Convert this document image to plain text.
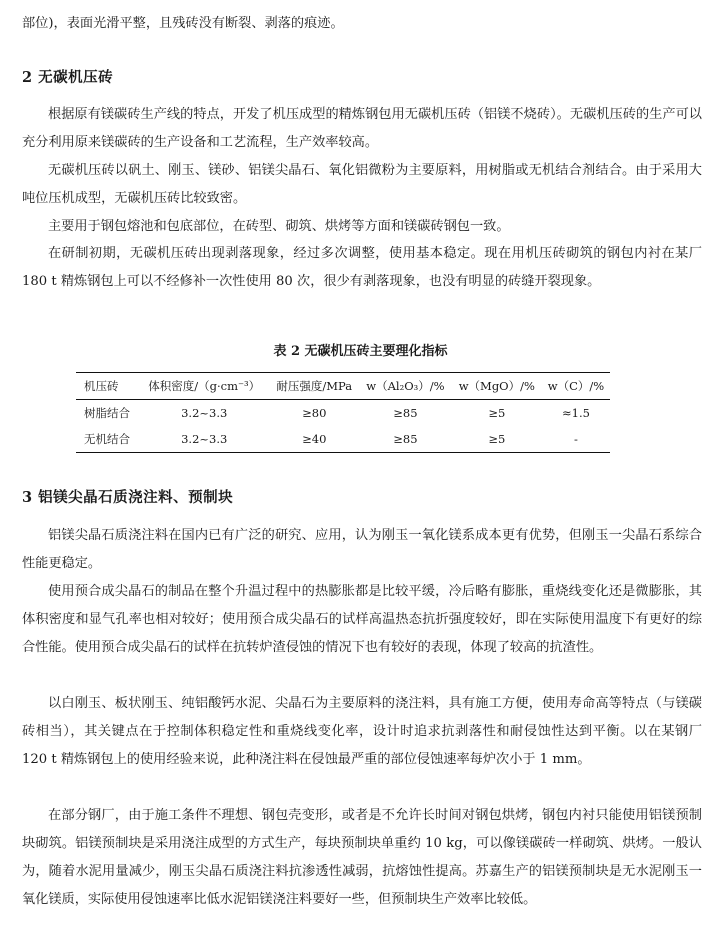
部位)，表面光滑平整，且残砖没有断裂、剥落的痕迹。

2 无碳机压砖

根据原有镁碳砖生产线的特点，开发了机压成型的精炼钢包用无碳机压砖（铝镁不烧砖）。无碳机压砖的生产可以充分利用原来镁碳砖的生产设备和工艺流程，生产效率较高。

无碳机压砖以矾土、刚玉、镁砂、铝镁尖晶石、氧化铝微粉为主要原料，用树脂或无机结合剂结合。由于采用大吨位压机成型，无碳机压砖比较致密。

主要用于钢包熔池和包底部位，在砖型、砌筑、烘烤等方面和镁碳砖钢包一致。

在研制初期，无碳机压砖出现剥落现象，经过多次调整，使用基本稳定。现在用机压砖砌筑的钢包内衬在某厂 180 t 精炼钢包上可以不经修补一次性使用 80 次，很少有剥落现象，也没有明显的砖缝开裂现象。

表 2 无碳机压砖主要理化指标

机压砖	体积密度/（g·cm⁻³）	耐压强度/MPa	w（Al₂O₃）/%	w（MgO）/%	w（C）/%
树脂结合	3.2~3.3	≥80	≥85	≥5	≈1.5
无机结合	3.2~3.3	≥40	≥85	≥5	-
3 铝镁尖晶石质浇注料、预制块

铝镁尖晶石质浇注料在国内已有广泛的研究、应用，认为刚玉一氧化镁系成本更有优势，但刚玉一尖晶石系综合性能更稳定。

使用预合成尖晶石的制品在整个升温过程中的热膨胀都是比较平缓，冷后略有膨胀，重烧线变化还是微膨胀，其体积密度和显气孔率也相对较好；使用预合成尖晶石的试样高温热态抗折强度较好，即在实际使用温度下有更好的综合性能。使用预合成尖晶石的试样在抗转炉渣侵蚀的情况下也有较好的表现，体现了较高的抗渣性。

以白刚玉、板状刚玉、纯铝酸钙水泥、尖晶石为主要原料的浇注料，具有施工方便，使用寿命高等特点（与镁碳砖相当），其关键点在于控制体积稳定性和重烧线变化率，设计时追求抗剥落性和耐侵蚀性达到平衡。以在某钢厂 120 t 精炼钢包上的使用经验来说，此种浇注料在侵蚀最严重的部位侵蚀速率每炉次小于 1 mm。

在部分钢厂，由于施工条件不理想、钢包壳变形，或者是不允许长时间对钢包烘烤，钢包内衬只能使用铝镁预制块砌筑。铝镁预制块是采用浇注成型的方式生产，每块预制块单重约 10 kg，可以像镁碳砖一样砌筑、烘烤。一般认为，随着水泥用量减少，刚玉尖晶石质浇注料抗渗透性减弱，抗熔蚀性提高。苏嘉生产的铝镁预制块是无水泥刚玉一氧化镁质，实际使用侵蚀速率比低水泥铝镁浇注料要好一些，但预制块生产效率比较低。
